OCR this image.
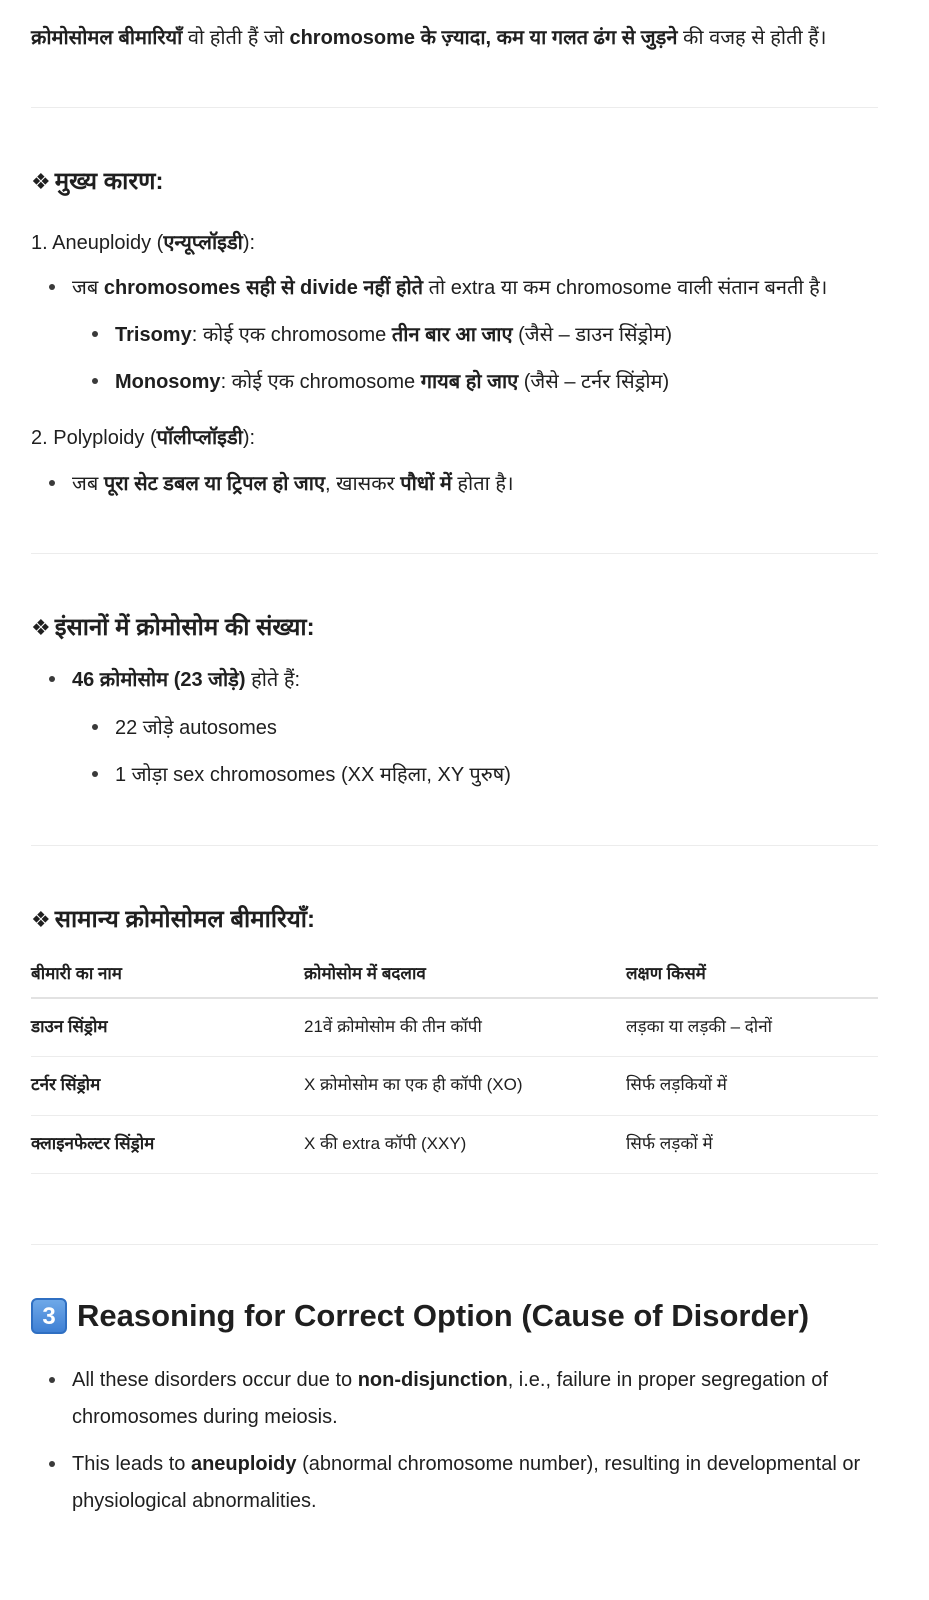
क्रोमोसोमल बीमारियाँ वो होती हैं जो chromosome के ज़्यादा, कम या गलत ढंग से जुड़ने की वजह से होती हैं।

❖ मुख्य कारण:
1. Aneuploidy (एन्यूप्लॉइडी):
जब chromosomes सही से divide नहीं होते तो extra या कम chromosome वाली संतान बनती है।
Trisomy: कोई एक chromosome तीन बार आ जाए (जैसे – डाउन सिंड्रोम)
Monosomy: कोई एक chromosome गायब हो जाए (जैसे – टर्नर सिंड्रोम)
2. Polyploidy (पॉलीप्लॉइडी):
जब पूरा सेट डबल या ट्रिपल हो जाए, खासकर पौधों में होता है।
❖ इंसानों में क्रोमोसोम की संख्या:
46 क्रोमोसोम (23 जोड़े) होते हैं:
22 जोड़े autosomes
1 जोड़ा sex chromosomes (XX महिला, XY पुरुष)
❖ सामान्य क्रोमोसोमल बीमारियाँ:
बीमारी का नाम	क्रोमोसोम में बदलाव	लक्षण किसमें
डाउन सिंड्रोम	21वें क्रोमोसोम की तीन कॉपी	लड़का या लड़की – दोनों
टर्नर सिंड्रोम	X क्रोमोसोम का एक ही कॉपी (XO)	सिर्फ लड़कियों में
क्लाइनफेल्टर सिंड्रोम	X की extra कॉपी (XXY)	सिर्फ लड़कों में
3 Reasoning for Correct Option (Cause of Disorder)
All these disorders occur due to non-disjunction, i.e., failure in proper segregation of chromosomes during meiosis.
This leads to aneuploidy (abnormal chromosome number), resulting in developmental or physiological abnormalities.
